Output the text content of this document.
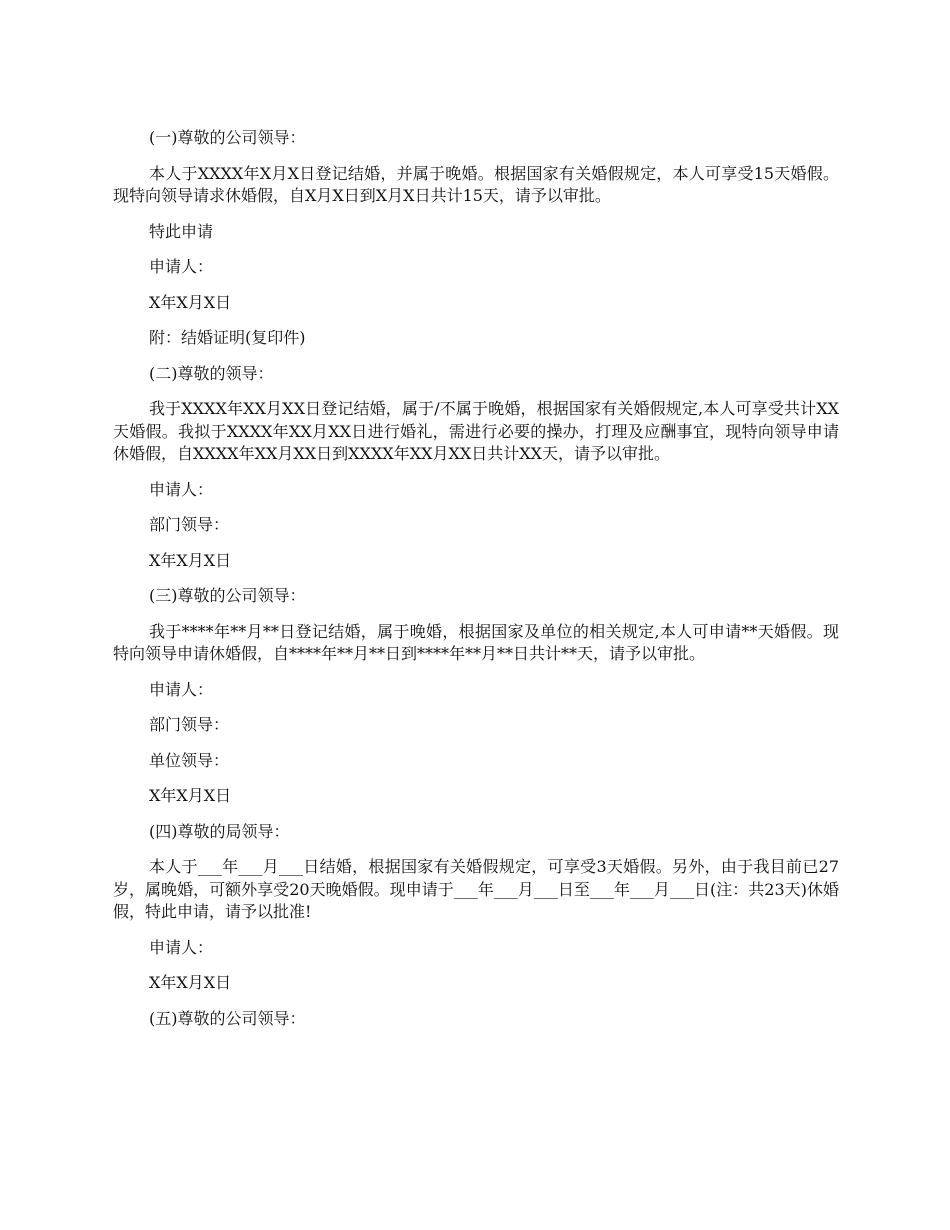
(一)尊敬的公司领导：

本人于XXXX年X月X日登记结婚，并属于晚婚。根据国家有关婚假规定，本人可享受15天婚假。现特向领导请求休婚假，自X月X日到X月X日共计15天，请予以审批。

特此申请

申请人：

X年X月X日

附：结婚证明(复印件)

(二)尊敬的领导：

我于XXXX年XX月XX日登记结婚，属于/不属于晚婚，根据国家有关婚假规定,本人可享受共计XX天婚假。我拟于XXXX年XX月XX日进行婚礼，需进行必要的操办，打理及应酬事宜，现特向领导申请休婚假，自XXXX年XX月XX日到XXXX年XX月XX日共计XX天，请予以审批。

申请人：

部门领导：

X年X月X日

(三)尊敬的公司领导：

我于****年**月**日登记结婚，属于晚婚，根据国家及单位的相关规定,本人可申请**天婚假。现特向领导申请休婚假，自****年**月**日到****年**月**日共计**天，请予以审批。

申请人：

部门领导：

单位领导：

X年X月X日

(四)尊敬的局领导：

本人于___年___月___日结婚，根据国家有关婚假规定，可享受3天婚假。另外，由于我目前已27岁，属晚婚，可额外享受20天晚婚假。现申请于___年___月___日至___年___月___日(注：共23天)休婚假，特此申请，请予以批准!

申请人：

X年X月X日

(五)尊敬的公司领导：
